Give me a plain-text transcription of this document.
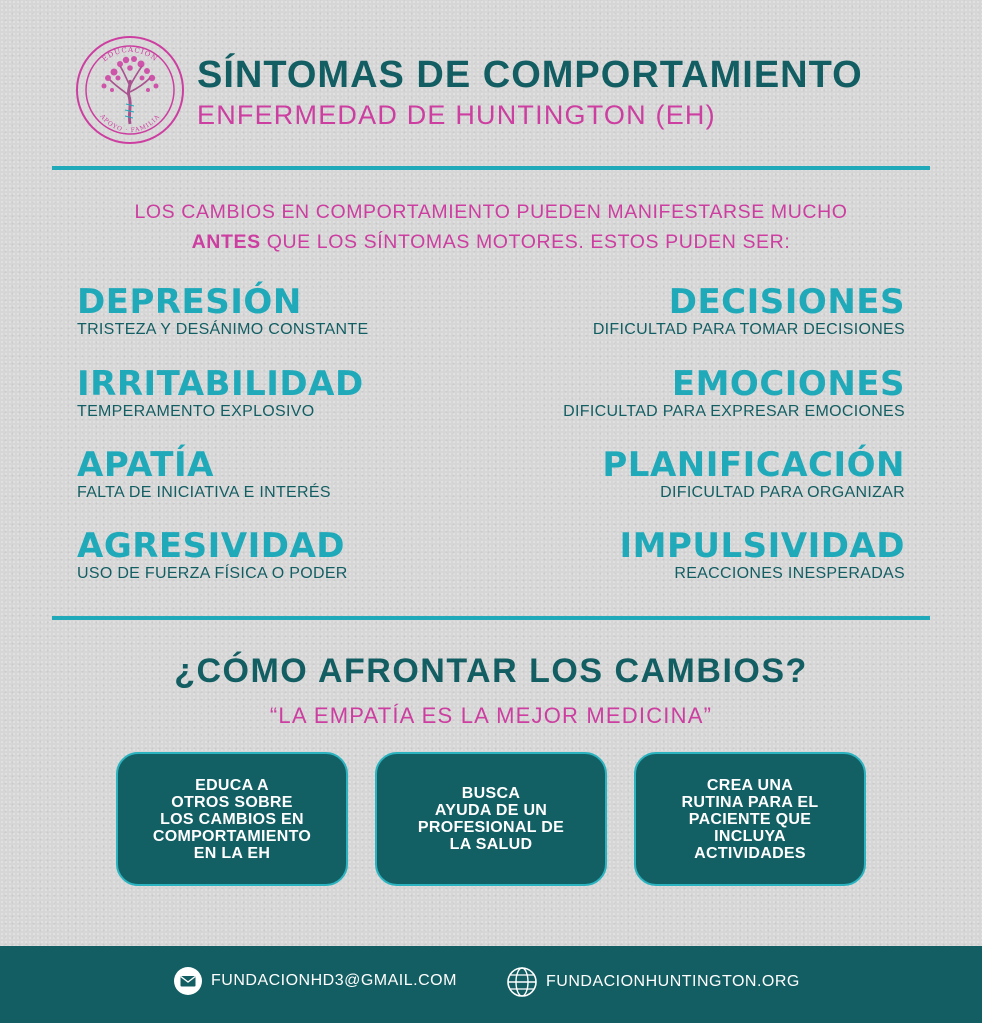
EDUCACIÓN
APOYO · FAMILIA
SÍNTOMAS DE COMPORTAMIENTO
ENFERMEDAD DE HUNTINGTON (EH)
LOS CAMBIOS EN COMPORTAMIENTO PUEDEN MANIFESTARSE MUCHO
ANTES QUE LOS SÍNTOMAS MOTORES. ESTOS PUDEN SER:
DEPRESIÓN
TRISTEZA Y DESÁNIMO CONSTANTE
IRRITABILIDAD
TEMPERAMENTO EXPLOSIVO
APATÍA
FALTA DE INICIATIVA E INTERÉS
AGRESIVIDAD
USO DE FUERZA FÍSICA O PODER
DECISIONES
DIFICULTAD PARA TOMAR DECISIONES
EMOCIONES
DIFICULTAD PARA EXPRESAR EMOCIONES
PLANIFICACIÓN
DIFICULTAD PARA ORGANIZAR
IMPULSIVIDAD
REACCIONES INESPERADAS
¿CÓMO AFRONTAR LOS CAMBIOS?
“LA EMPATÍA ES LA MEJOR MEDICINA”
EDUCA A
OTROS SOBRE
LOS CAMBIOS EN
COMPORTAMIENTO
EN LA EH
BUSCA
AYUDA DE UN
PROFESIONAL DE
LA SALUD
CREA UNA
RUTINA PARA EL
PACIENTE QUE
INCLUYA
ACTIVIDADES
FUNDACIONHD3@GMAIL.COM	FUNDACIONHUNTINGTON.ORG
